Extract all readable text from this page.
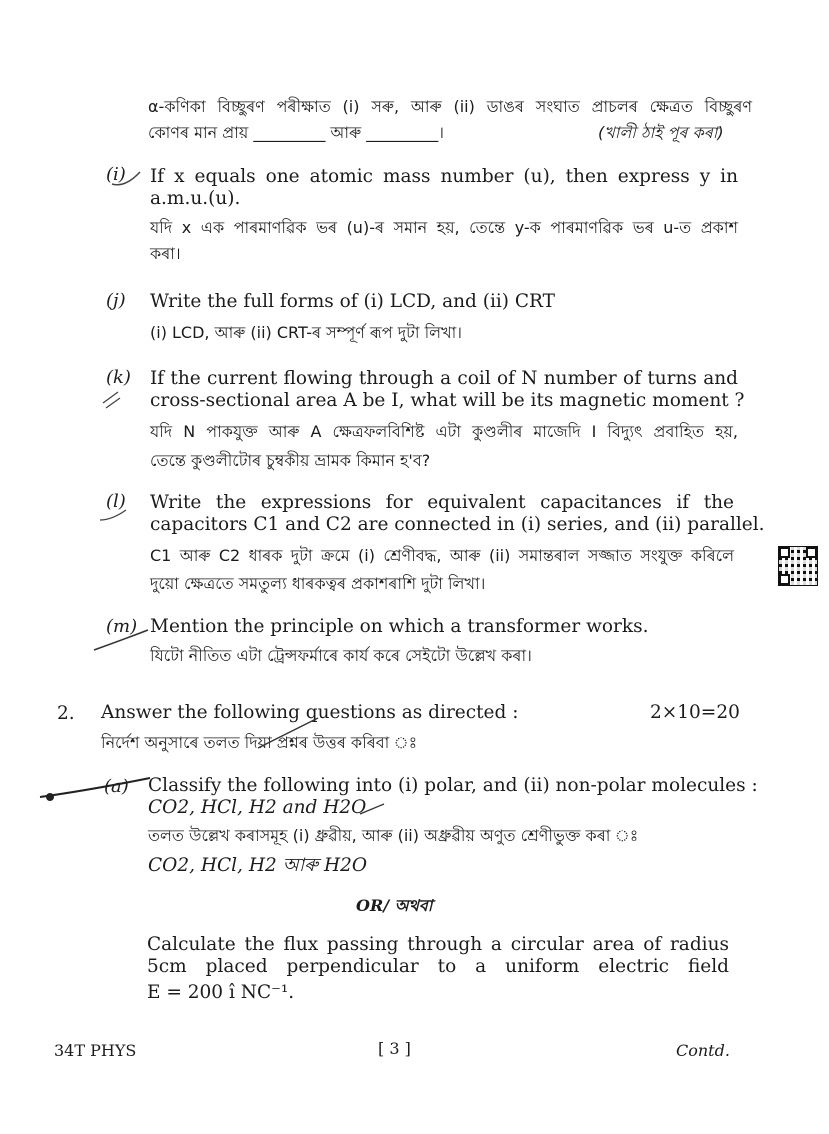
α-কণিকা বিচ্ছুৰণ পৰীক্ষাত (i) সৰু, আৰু (ii) ডাঙৰ সংঘাত প্ৰাচলৰ ক্ষেত্ৰত বিচ্ছুৰণ
কোণৰ মান প্ৰায় _________ আৰু _________।	(খালী ঠাই পূৰ কৰা)
(i) If x equals one atomic mass number (u), then express y in
a.m.u.(u).
যদি x এক পাৰমাণৱিক ভৰ (u)-ৰ সমান হয়, তেন্তে y-ক পাৰমাণৱিক ভৰ u-ত প্ৰকাশ
কৰা।
(j) Write the full forms of (i) LCD, and (ii) CRT
(i) LCD, আৰু (ii) CRT-ৰ সম্পূৰ্ণ ৰূপ দুটা লিখা।
(k) If the current flowing through a coil of N number of turns and
cross-sectional area A be I, what will be its magnetic moment ?
যদি N পাকযুক্ত আৰু A ক্ষেত্ৰফলবিশিষ্ট এটা কুণ্ডলীৰ মাজেদি I বিদ্যুৎ প্ৰবাহিত হয়,
তেন্তে কুণ্ডলীটোৰ চুম্বকীয় ভ্ৰামক কিমান হ'ব?
(l) Write the expressions for equivalent capacitances if the
capacitors C1 and C2 are connected in (i) series, and (ii) parallel.
C1 আৰু C2 ধাৰক দুটা ক্ৰমে (i) শ্ৰেণীবদ্ধ, আৰু (ii) সমান্তৰাল সজ্জাত সংযুক্ত কৰিলে
দুয়ো ক্ষেত্ৰতে সমতুল্য ধাৰকত্বৰ প্ৰকাশৰাশি দুটা লিখা।
(m) Mention the principle on which a transformer works.
যিটো নীতিত এটা ট্ৰেন্সফৰ্মাৰে কাৰ্য কৰে সেইটো উল্লেখ কৰা।
2. Answer the following questions as directed :	2×10=20
নিৰ্দেশ অনুসাৰে তলত দিয়া প্ৰশ্নৰ উত্তৰ কৰিবা ঃ
(a) Classify the following into (i) polar, and (ii) non-polar molecules :
CO2, HCl, H2 and H2O
তলত উল্লেখ কৰাসমূহ (i) ধ্ৰুৱীয়, আৰু (ii) অধ্ৰুৱীয় অণুত শ্ৰেণীভুক্ত কৰা ঃ
CO2, HCl, H2 আৰু H2O
OR/ অথবা
Calculate the flux passing through a circular area of radius
5cm placed perpendicular to a uniform electric field
E = 200 î NC⁻¹.
34T PHYS	[ 3 ]	Contd.
